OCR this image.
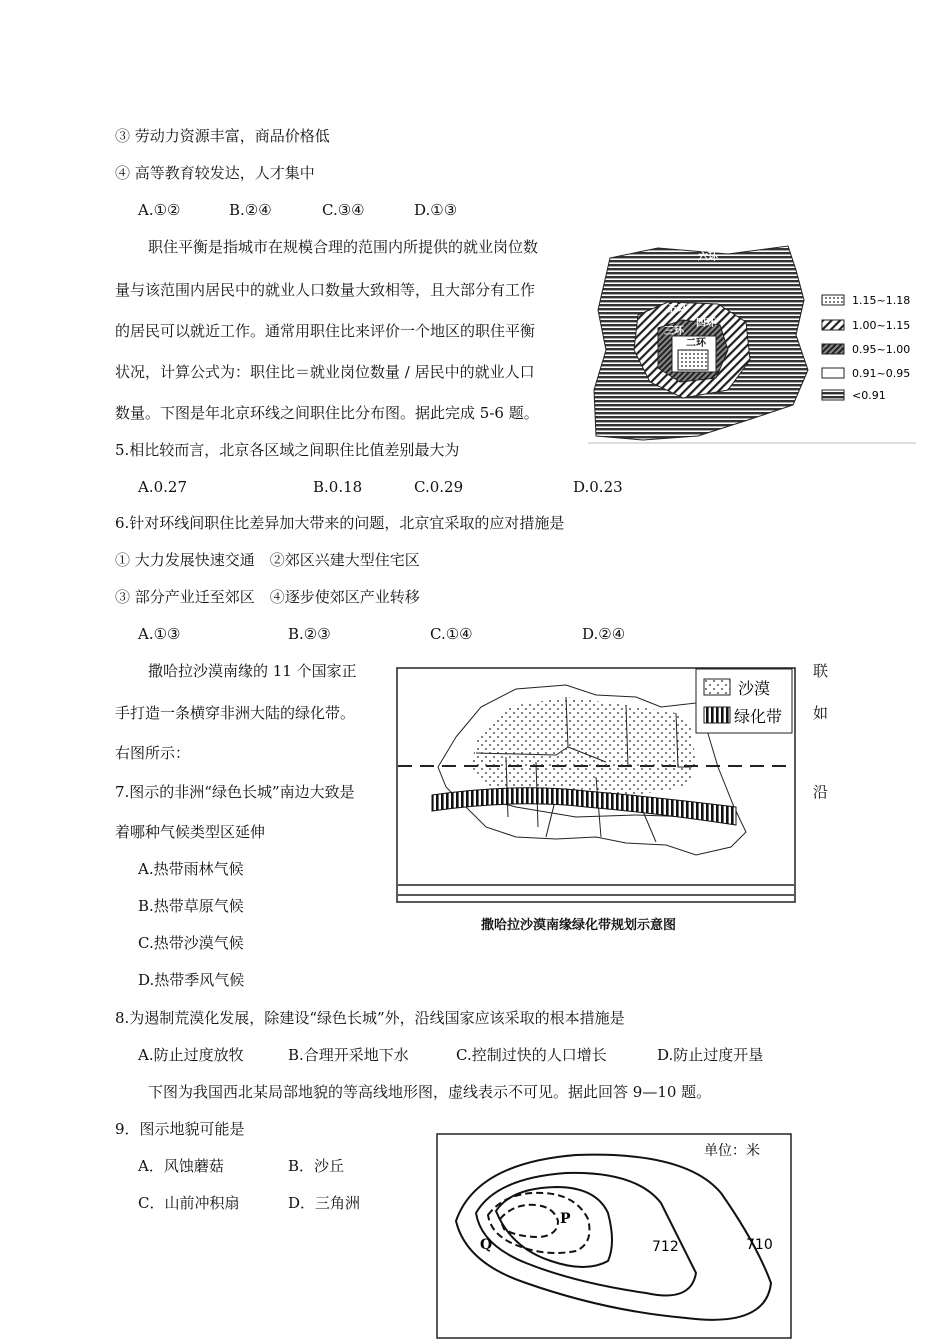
③ 劳动力资源丰富，商品价格低
④ 高等教育较发达，人才集中
A.①②	B.②④	C.③④	D.①③
职住平衡是指城市在规模合理的范围内所提供的就业岗位数
量与该范围内居民中的就业人口数量大致相等，且大部分有工作
的居民可以就近工作。通常用职住比来评价一个地区的职住平衡
状况，计算公式为：职住比＝就业岗位数量 / 居民中的就业人口
数量。下图是年北京环线之间职住比分布图。据此完成 5-6 题。
六环
五环
四环
三环
二环
1.15~1.18
1.00~1.15
0.95~1.00
0.91~0.95
<0.91
5.相比较而言，北京各区域之间职住比值差别最大为
A.0.27	B.0.18	C.0.29	D.0.23
6.针对环线间职住比差异加大带来的问题，北京宜采取的应对措施是
① 大力发展快速交通　②郊区兴建大型住宅区
③ 部分产业迁至郊区　④逐步使郊区产业转移
A.①③	B.②③	C.①④	D.②④
撒哈拉沙漠南缘的 11 个国家正	联
手打造一条横穿非洲大陆的绿化带。	如
右图所示：
沙漠
绿化带
撒哈拉沙漠南缘绿化带规划示意图
7.图示的非洲“绿色长城”南边大致是	沿
着哪种气候类型区延伸
A.热带雨林气候
B.热带草原气候
C.热带沙漠气候
D.热带季风气候
8.为遏制荒漠化发展，除建设“绿色长城”外，沿线国家应该采取的根本措施是
A.防止过度放牧	B.合理开采地下水	C.控制过快的人口增长	D.防止过度开垦
下图为我国西北某局部地貌的等高线地形图，虚线表示不可见。据此回答 9—10 题。
9．图示地貌可能是
A．风蚀蘑菇	B．沙丘
C．山前冲积扇	D．三角洲
单位：米
P
Q	712	710
